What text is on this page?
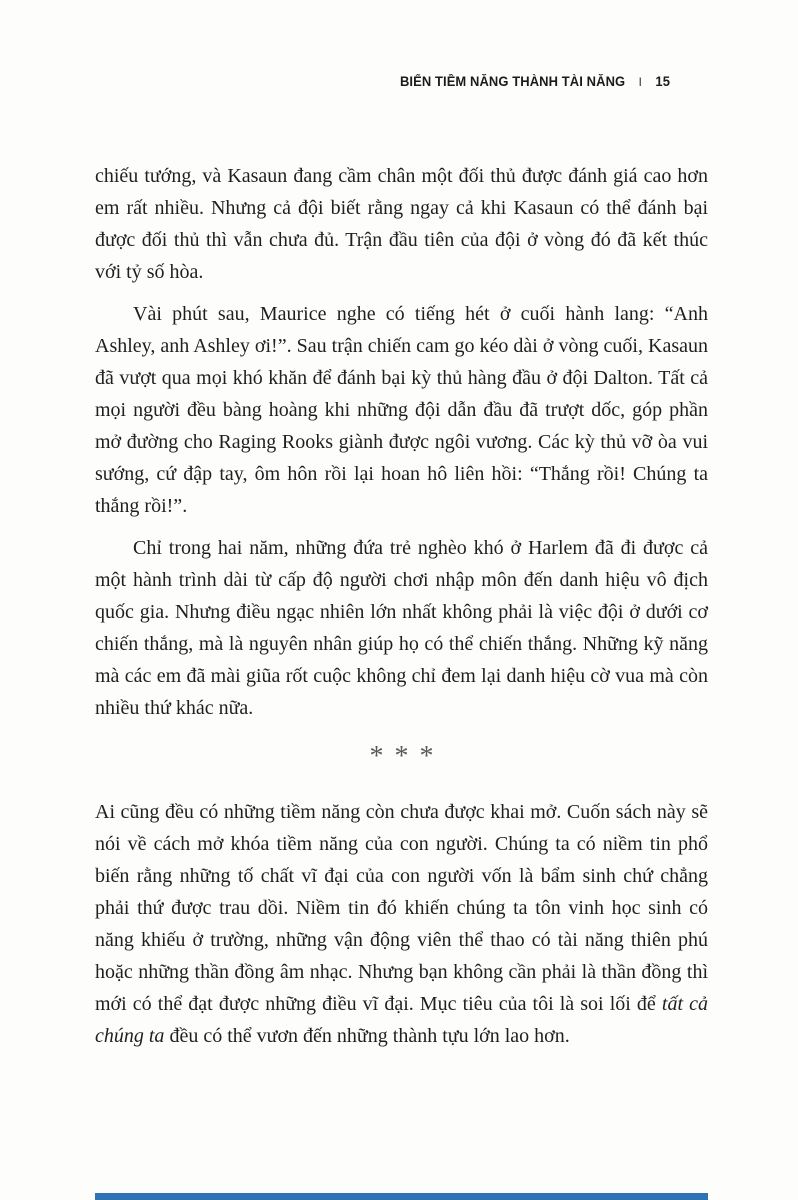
BIẾN TIỀM NĂNG THÀNH TÀI NĂNG I 15

chiếu tướng, và Kasaun đang cầm chân một đối thủ được đánh giá cao hơn em rất nhiều. Nhưng cả đội biết rằng ngay cả khi Kasaun có thể đánh bại được đối thủ thì vẫn chưa đủ. Trận đầu tiên của đội ở vòng đó đã kết thúc với tỷ số hòa.

Vài phút sau, Maurice nghe có tiếng hét ở cuối hành lang: “Anh Ashley, anh Ashley ơi!”. Sau trận chiến cam go kéo dài ở vòng cuối, Kasaun đã vượt qua mọi khó khăn để đánh bại kỳ thủ hàng đầu ở đội Dalton. Tất cả mọi người đều bàng hoàng khi những đội dẫn đầu đã trượt dốc, góp phần mở đường cho Raging Rooks giành được ngôi vương. Các kỳ thủ vỡ òa vui sướng, cứ đập tay, ôm hôn rồi lại hoan hô liên hồi: “Thắng rồi! Chúng ta thắng rồi!”.

Chỉ trong hai năm, những đứa trẻ nghèo khó ở Harlem đã đi được cả một hành trình dài từ cấp độ người chơi nhập môn đến danh hiệu vô địch quốc gia. Nhưng điều ngạc nhiên lớn nhất không phải là việc đội ở dưới cơ chiến thắng, mà là nguyên nhân giúp họ có thể chiến thắng. Những kỹ năng mà các em đã mài giũa rốt cuộc không chỉ đem lại danh hiệu cờ vua mà còn nhiều thứ khác nữa.

***

Ai cũng đều có những tiềm năng còn chưa được khai mở. Cuốn sách này sẽ nói về cách mở khóa tiềm năng của con người. Chúng ta có niềm tin phổ biến rằng những tố chất vĩ đại của con người vốn là bẩm sinh chứ chẳng phải thứ được trau dồi. Niềm tin đó khiến chúng ta tôn vinh học sinh có năng khiếu ở trường, những vận động viên thể thao có tài năng thiên phú hoặc những thần đồng âm nhạc. Nhưng bạn không cần phải là thần đồng thì mới có thể đạt được những điều vĩ đại. Mục tiêu của tôi là soi lối để tất cả chúng ta đều có thể vươn đến những thành tựu lớn lao hơn.
